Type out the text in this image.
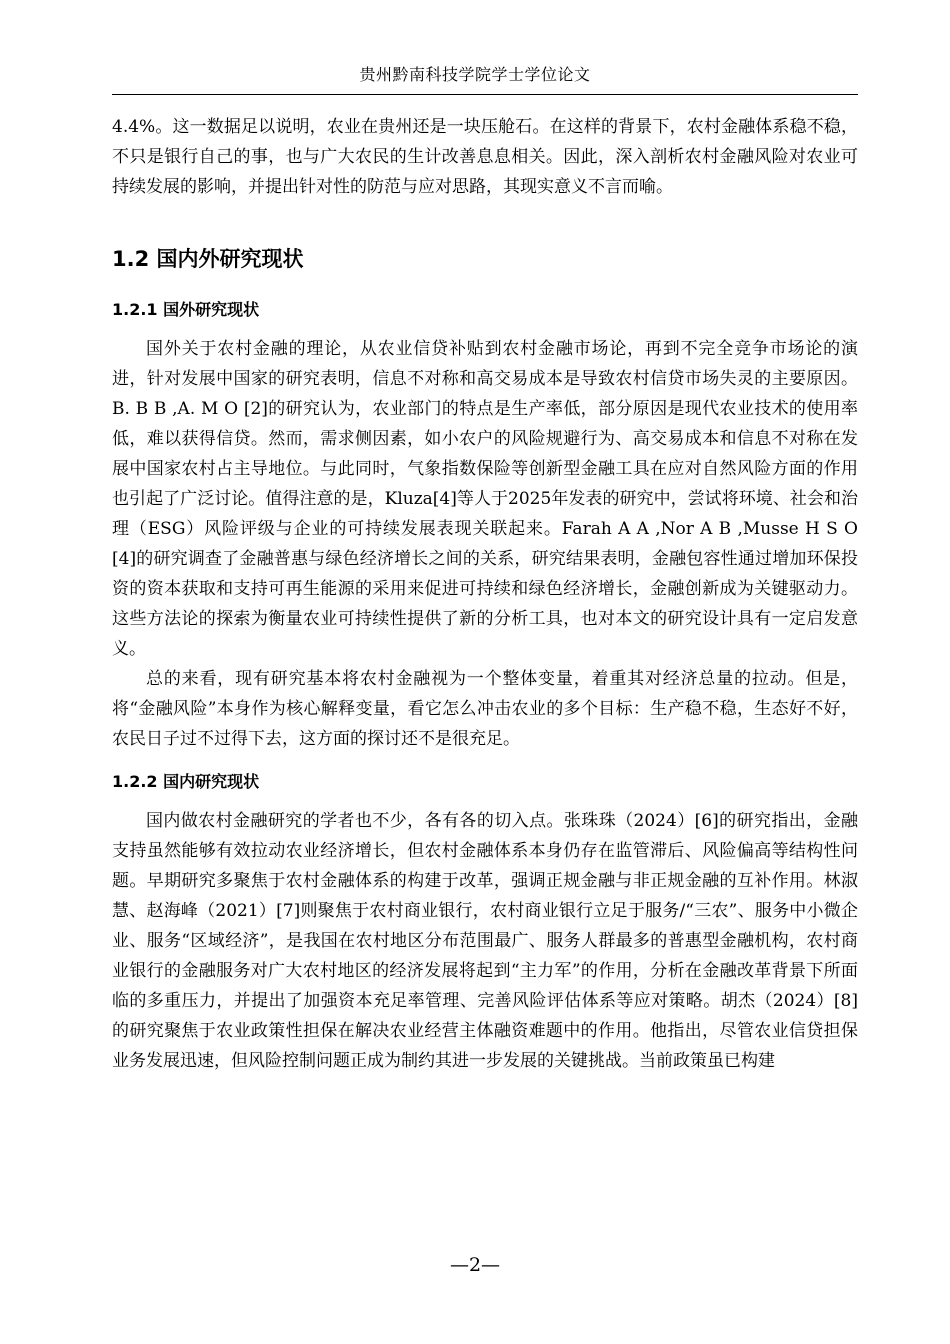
贵州黔南科技学院学士学位论文

4.4%。这一数据足以说明，农业在贵州还是一块压舱石。在这样的背景下，农村金融体系稳不稳，不只是银行自己的事，也与广大农民的生计改善息息相关。因此，深入剖析农村金融风险对农业可持续发展的影响，并提出针对性的防范与应对思路，其现实意义不言而喻。

1.2 国内外研究现状
1.2.1 国外研究现状

国外关于农村金融的理论，从农业信贷补贴到农村金融市场论，再到不完全竞争市场论的演进，针对发展中国家的研究表明，信息不对称和高交易成本是导致农村信贷市场失灵的主要原因。B. B B ,A. M O [2]的研究认为，农业部门的特点是生产率低，部分原因是现代农业技术的使用率低，难以获得信贷。然而，需求侧因素，如小农户的风险规避行为、高交易成本和信息不对称在发展中国家农村占主导地位。与此同时，气象指数保险等创新型金融工具在应对自然风险方面的作用也引起了广泛讨论。值得注意的是，Kluza[4]等人于2025年发表的研究中，尝试将环境、社会和治理（ESG）风险评级与企业的可持续发展表现关联起来。Farah A A ,Nor A B ,Musse H S O [4]的研究调查了金融普惠与绿色经济增长之间的关系，研究结果表明，金融包容性通过增加环保投资的资本获取和支持可再生能源的采用来促进可持续和绿色经济增长，金融创新成为关键驱动力。这些方法论的探索为衡量农业可持续性提供了新的分析工具，也对本文的研究设计具有一定启发意义。

总的来看，现有研究基本将农村金融视为一个整体变量，着重其对经济总量的拉动。但是，将“金融风险”本身作为核心解释变量，看它怎么冲击农业的多个目标：生产稳不稳，生态好不好，农民日子过不过得下去，这方面的探讨还不是很充足。

1.2.2 国内研究现状

国内做农村金融研究的学者也不少，各有各的切入点。张珠珠（2024）[6]的研究指出，金融支持虽然能够有效拉动农业经济增长，但农村金融体系本身仍存在监管滞后、风险偏高等结构性问题。早期研究多聚焦于农村金融体系的构建于改革，强调正规金融与非正规金融的互补作用。林淑慧、赵海峰（2021）[7]则聚焦于农村商业银行，农村商业银行立足于服务/“三农”、服务中小微企业、服务“区域经济”，是我国在农村地区分布范围最广、服务人群最多的普惠型金融机构，农村商业银行的金融服务对广大农村地区的经济发展将起到“主力军”的作用，分析在金融改革背景下所面临的多重压力，并提出了加强资本充足率管理、完善风险评估体系等应对策略。胡杰（2024）[8]的研究聚焦于农业政策性担保在解决农业经营主体融资难题中的作用。他指出，尽管农业信贷担保业务发展迅速，但风险控制问题正成为制约其进一步发展的关键挑战。当前政策虽已构建

—2—
